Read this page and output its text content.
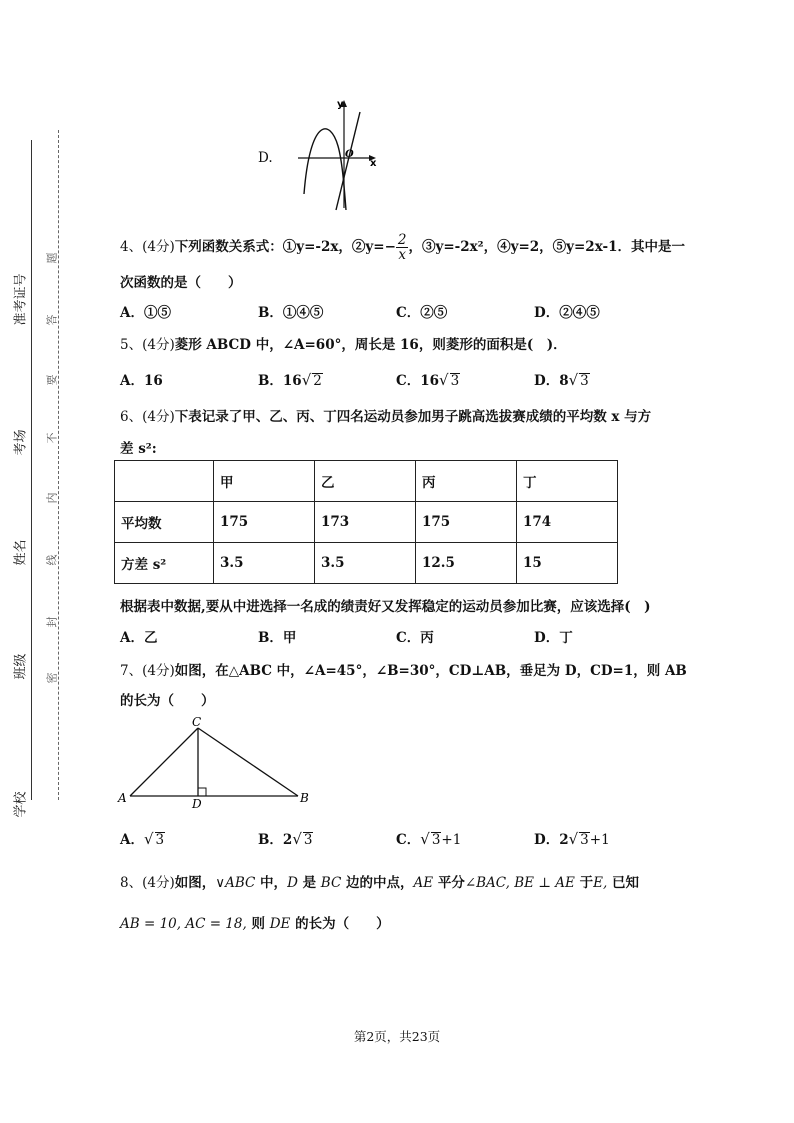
准考证号
考场
姓名
班级
学校
题
答
要
不
内
线
封
密
D.
y
x
O
4、(4分)下列函数关系式：①y=-2x，②y=− $\frac{2}{x}$ ，③y=-2x²，④y=2，⑤y=2x-1．其中是一
次函数的是（　　）
A．①⑤	B．①④⑤	C．②⑤	D．②④⑤
5、(4分)菱形 ABCD 中，∠A=60°，周长是 16，则菱形的面积是(　)．
A．16	B．16√ 2	C．16√ 3	D．8√ 3
6、(4分)下表记录了甲、乙、丙、丁四名运动员参加男子跳高选拔赛成绩的平均数 x 与方
差 s²:
	甲	乙	丙	丁
平均数	175	173	175	174
方差 s²	3.5	3.5	12.5	15
根据表中数据,要从中进选择一名成的绩责好又发挥稳定的运动员参加比赛，应该选择(　)
A．乙	B．甲	C．丙	D．丁
7、(4分)如图，在△ABC 中，∠A=45°，∠B=30°，CD⊥AB，垂足为 D，CD=1，则 AB
的长为（　　）
A	B
C
D
A．√ 3	B．2√ 3	C．√ 3+1	D．2√ 3+1
8、(4分)如图，∨ABC 中，D 是 BC 边的中点，AE 平分∠BAC, BE ⊥ AE 于E, 已知
AB = 10, AC = 18, 则 DE 的长为（　　）
第2页，共23页
